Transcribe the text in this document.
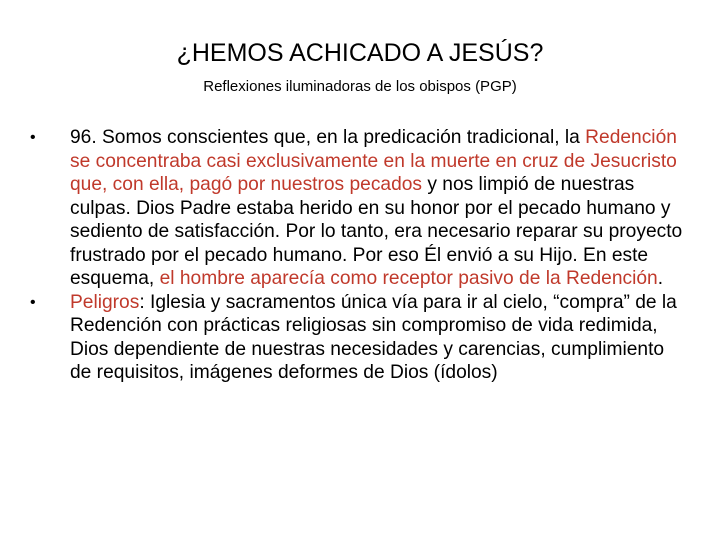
¿HEMOS ACHICADO A JESÚS?
Reflexiones iluminadoras de los obispos (PGP)
•	96. Somos conscientes que, en la predicación tradicional, la Redención se concentraba casi exclusivamente en la muerte en cruz de Jesucristo que, con ella, pagó por nuestros pecados y nos limpió de nuestras culpas. Dios Padre estaba herido en su honor por el pecado humano y sediento de satisfacción. Por lo tanto, era necesario reparar su proyecto frustrado por el pecado humano. Por eso Él envió a su Hijo. En este esquema, el hombre aparecía como receptor pasivo de la Redención.
•	Peligros: Iglesia y sacramentos única vía para ir al cielo, “compra” de la Redención con prácticas religiosas sin compromiso de vida redimida, Dios dependiente de nuestras necesidades y carencias, cumplimiento de requisitos, imágenes deformes de Dios (ídolos)
